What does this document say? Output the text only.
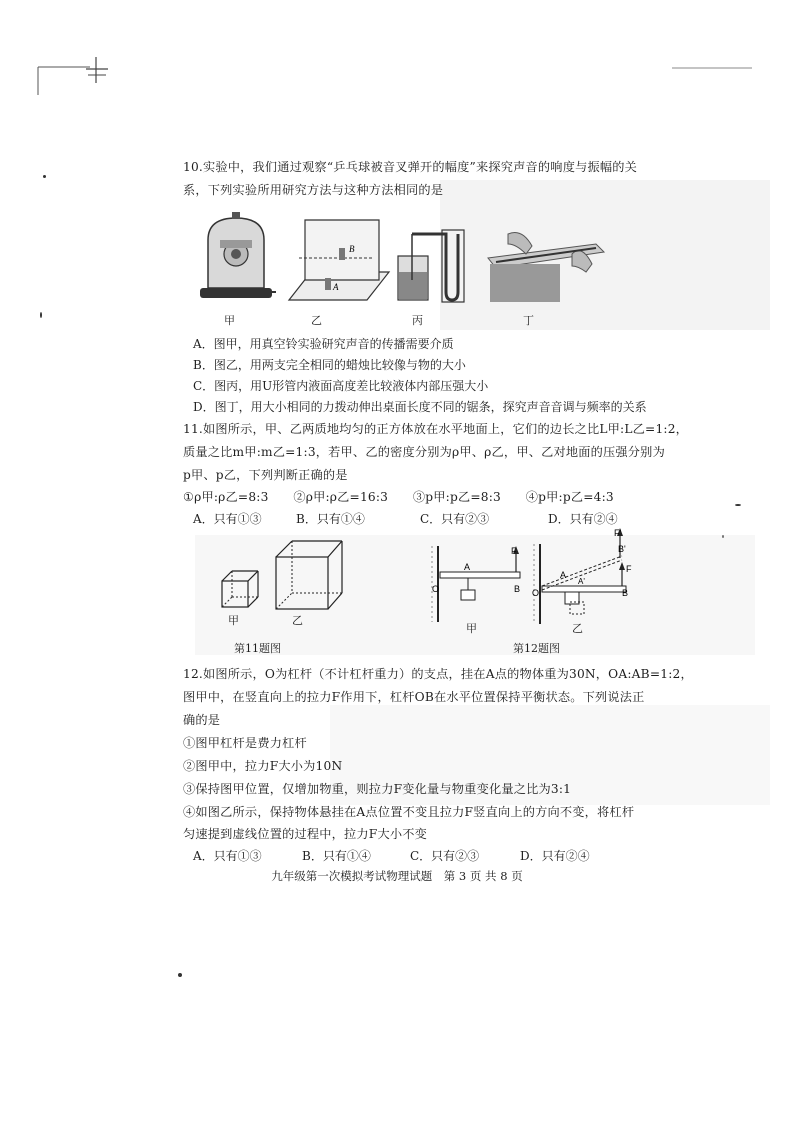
10.实验中，我们通过观察“乒乓球被音叉弹开的幅度”来探究声音的响度与振幅的关
系，下列实验所用研究方法与这种方法相同的是
B
A
甲	乙	丙	丁
A．图甲，用真空铃实验研究声音的传播需要介质
B．图乙，用两支完全相同的蜡烛比较像与物的大小
C．图丙，用U形管内液面高度差比较液体内部压强大小
D．图丁，用大小相同的力拨动伸出桌面长度不同的锯条，探究声音音调与频率的关系
11.如图所示，甲、乙两质地均匀的正方体放在水平地面上，它们的边长之比L甲:L乙=1:2，
质量之比m甲:m乙=1:3，若甲、乙的密度分别为ρ甲、ρ乙，甲、乙对地面的压强分别为
p甲、p乙，下列判断正确的是
①ρ甲:ρ乙=8:3　　②ρ甲:ρ乙=16:3　　③p甲:p乙=8:3　　④p甲:p乙=4:3
A．只有①③	B．只有①④	C．只有②③	D．只有②④
甲	乙
第11题图
O
A
B
F
甲
O
A
A'
B'
B
F'
F
乙
第12题图
12.如图所示，O为杠杆（不计杠杆重力）的支点，挂在A点的物体重为30N，OA:AB=1:2，
图甲中，在竖直向上的拉力F作用下，杠杆OB在水平位置保持平衡状态。下列说法正
确的是
①图甲杠杆是费力杠杆
②图甲中，拉力F大小为10N
③保持图甲位置，仅增加物重，则拉力F变化量与物重变化量之比为3:1
④如图乙所示，保持物体悬挂在A点位置不变且拉力F竖直向上的方向不变，将杠杆
匀速提到虚线位置的过程中，拉力F大小不变
A．只有①③	B．只有①④	C．只有②③	D．只有②④
九年级第一次模拟考试物理试题　第 3 页 共 8 页
